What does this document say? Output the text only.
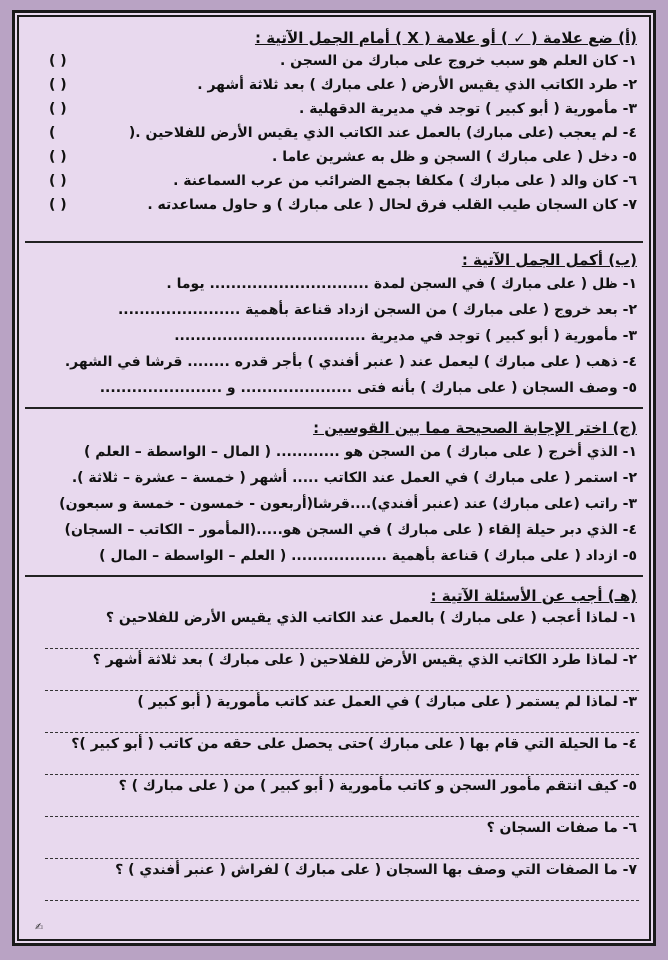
(أ) ضع علامة ( ✓ ) أو علامة ( X ) أمام الجمل الآتية :
١- كان العلم هو سبب خروج على مبارك من السجن .
( )
٢- طرد الكاتب الذي يقيس الأرض ( على مبارك ) بعد ثلاثة أشهر .
( )
٣- مأمورية ( أبو كبير ) توجد في مديرية الدقهلية .
( )
٤- لم يعجب (على مبارك) بالعمل عند الكاتب الذي يقيس الأرض للفلاحين .(
)
٥- دخل ( على مبارك ) السجن و ظل به عشرين عاما .
( )
٦- كان والد ( على مبارك ) مكلفا بجمع الضرائب من عرب السماعنة .
( )
٧- كان السجان طيب القلب فرق لحال ( على مبارك ) و حاول مساعدته .
( )
(ب) أكمل الجمل الآتية :
١- ظل ( على مبارك ) في السجن لمدة .............................. يوما .
٢- بعد خروج ( على مبارك ) من السجن ازداد قناعة بأهمية .......................
٣- مأمورية ( أبو كبير ) توجد في مديرية ....................................
٤- ذهب ( على مبارك ) ليعمل عند ( عنبر أفندي ) بأجر قدره ........ قرشا في الشهر.
٥- وصف السجان ( على مبارك ) بأنه فتى ..................... و .......................
(ج) اختر الإجابة الصحيحة مما بين القوسين :
١- الذي أخرج ( على مبارك ) من السجن هو ............ ( المال – الواسطة – العلم )
٢- استمر ( على مبارك ) في العمل عند الكاتب ..... أشهر ( خمسة – عشرة – ثلاثة ).
٣- راتب (على مبارك) عند (عنبر أفندي)....قرشا(أربعون - خمسون - خمسة و سبعون)
٤- الذي دبر حيلة إلقاء ( على مبارك ) في السجن هو.....(المأمور – الكاتب – السجان)
٥- ازداد ( على مبارك ) قناعة بأهمية .................. ( العلم – الواسطة – المال )
(هـ) أجب عن الأسئلة الآتية :
١- لماذا أعجب ( على مبارك ) بالعمل عند الكاتب الذي يقيس الأرض للفلاحين ؟
٢- لماذا طرد الكاتب الذي يقيس الأرض للفلاحين ( على مبارك ) بعد ثلاثة أشهر ؟
٣- لماذا لم يستمر ( على مبارك ) في العمل عند كاتب مأمورية ( أبو كبير )
٤- ما الحيلة التي قام بها ( على مبارك )حتى يحصل على حقه من كاتب ( أبو كبير )؟
٥- كيف انتقم مأمور السجن و كاتب مأمورية ( أبو كبير ) من ( على مبارك ) ؟
٦- ما صفات السجان ؟
٧- ما الصفات التي وصف بها السجان ( على مبارك ) لفراش ( عنبر أفندي ) ؟
✍
